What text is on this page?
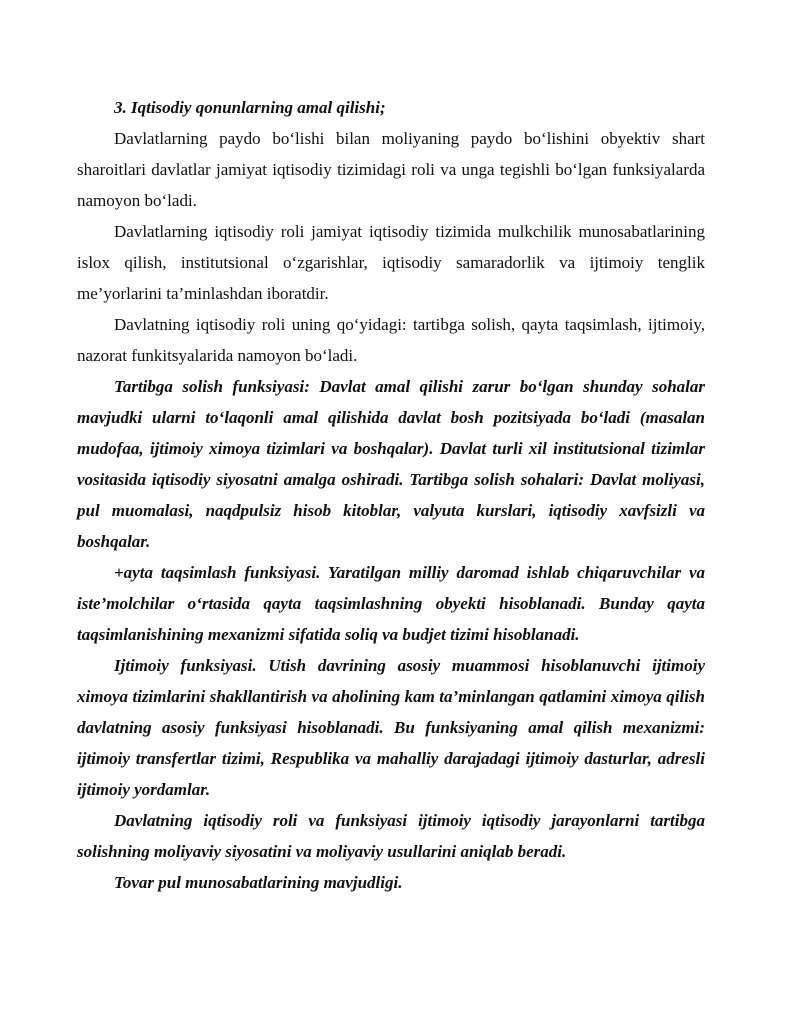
3. Iqtisodiy qonunlarning amal qilishi;

Davlatlarning paydo bo‘lishi bilan moliyaning paydo bo‘lishini obyektiv shart sharoitlari davlatlar jamiyat iqtisodiy tizimidagi roli va unga tegishli bo‘lgan funksiyalarda namoyon bo‘ladi.

Davlatlarning iqtisodiy roli jamiyat iqtisodiy tizimida mulkchilik munosabatlarining islox qilish, institutsional o‘zgarishlar, iqtisodiy samaradorlik va ijtimoiy tenglik me’yorlarini ta’minlashdan iboratdir.

Davlatning iqtisodiy roli uning qo‘yidagi: tartibga solish, qayta taqsimlash, ijtimoiy, nazorat funkitsyalarida namoyon bo‘ladi.

Tartibga solish funksiyasi: Davlat amal qilishi zarur bo‘lgan shunday sohalar mavjudki ularni to‘laqonli amal qilishida davlat bosh pozitsiyada bo‘ladi (masalan mudofaa, ijtimoiy ximoya tizimlari va boshqalar). Davlat turli xil institutsional tizimlar vositasida iqtisodiy siyosatni amalga oshiradi. Tartibga solish sohalari: Davlat moliyasi, pul muomalasi, naqdpulsiz hisob kitoblar, valyuta kurslari, iqtisodiy xavfsizli va boshqalar.

+ayta taqsimlash funksiyasi. Yaratilgan milliy daromad ishlab chiqaruvchilar va iste’molchilar o‘rtasida qayta taqsimlashning obyekti hisoblanadi. Bunday qayta taqsimlanishining mexanizmi sifatida soliq va budjet tizimi hisoblanadi.

Ijtimoiy funksiyasi. Utish davrining asosiy muammosi hisoblanuvchi ijtimoiy ximoya tizimlarini shakllantirish va aholining kam ta’minlangan qatlamini ximoya qilish davlatning asosiy funksiyasi hisoblanadi. Bu funksiyaning amal qilish mexanizmi: ijtimoiy transfertlar tizimi, Respublika va mahalliy darajadagi ijtimoiy dasturlar, adresli ijtimoiy yordamlar.

Davlatning iqtisodiy roli va funksiyasi ijtimoiy iqtisodiy jarayonlarni tartibga solishning moliyaviy siyosatini va moliyaviy usullarini aniqlab beradi.

Tovar pul munosabatlarining mavjudligi.
